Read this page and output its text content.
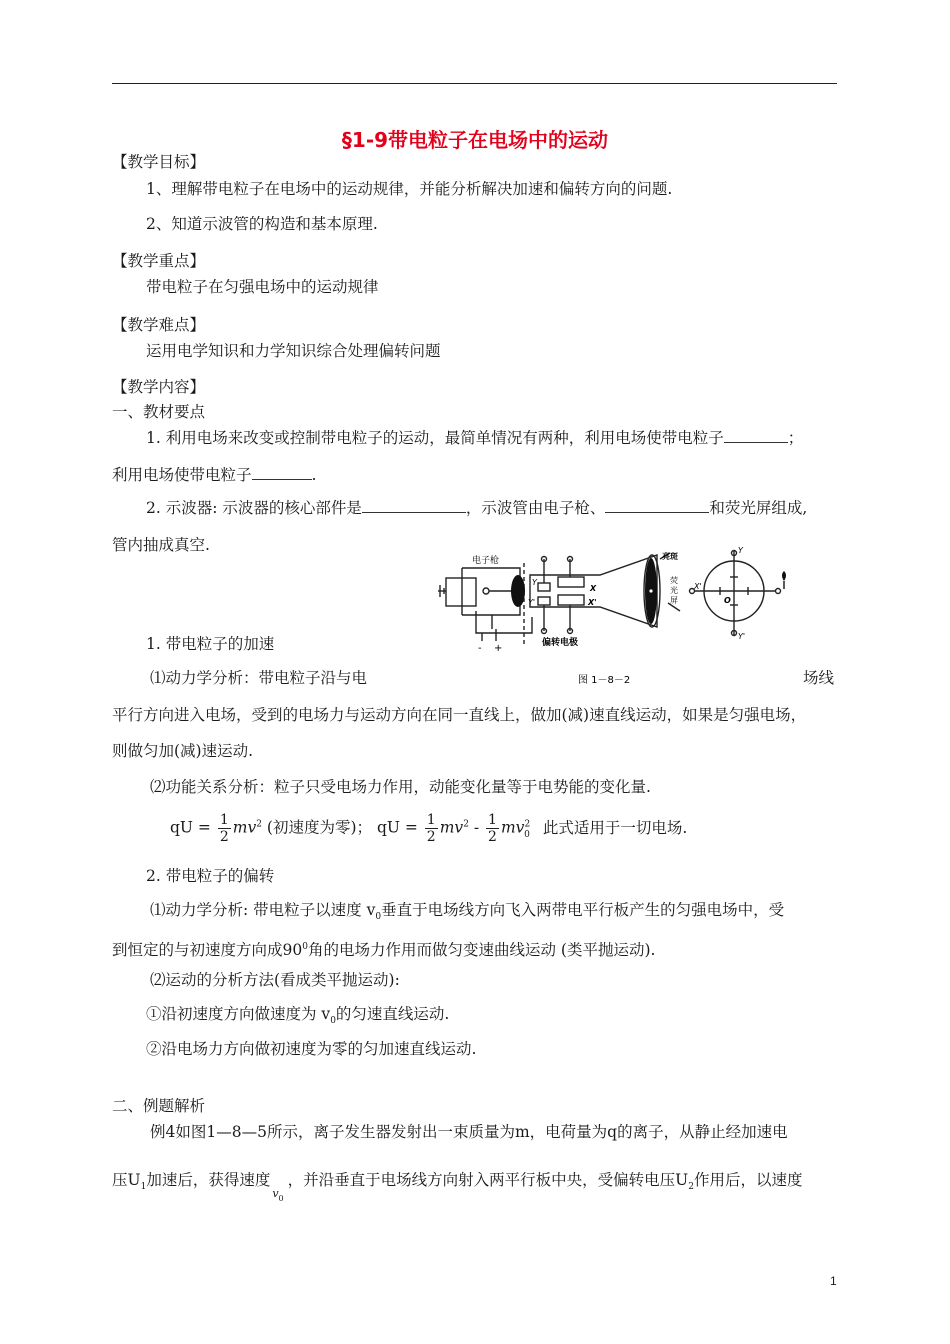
§1-9带电粒子在电场中的运动
【教学目标】
1、理解带电粒子在电场中的运动规律，并能分析解决加速和偏转方向的问题.
2、知道示波管的构造和基本原理.
【教学重点】
带电粒子在匀强电场中的运动规律
【教学难点】
运用电学知识和力学知识综合处理偏转问题
【教学内容】
一、教材要点
1. 利用电场来改变或控制带电粒子的运动，最简单情况有两种，利用电场使带电粒子	；
利用电场使带电粒子	.
2. 示波器: 示波器的核心部件是	，示波管由电子枪、	和荧光屏组成,
管内抽成真空.
电子枪	亮斑
荧
光
屏
偏转电极
Y
Y'
X
X'
X'
Y
Y'
O
- +
图 1－8－2
1. 带电粒子的加速
⑴动力学分析：带电粒子沿与电	场线
平行方向进入电场，受到的电场力与运动方向在同一直线上，做加(减)速直线运动，如果是匀强电场，
则做匀加(减)速运动.
⑵功能关系分析：粒子只受电场力作用，动能变化量等于电势能的变化量.
qU = $\frac{1}{2} mv^2$ (初速度为零)； qU = $\frac{1}{2} mv^2 - \frac{1}{2} mv^2_0$ 此式适用于一切电场.
2. 带电粒子的偏转
⑴动力学分析: 带电粒子以速度 $v_0$垂直于电场线方向飞入两带电平行板产生的匀强电场中，受
到恒定的与初速度方向成$90^0$角的电场力作用而做匀变速曲线运动 (类平抛运动).
⑵运动的分析方法(看成类平抛运动):
①沿初速度方向做速度为 $v_0$的匀速直线运动.
②沿电场力方向做初速度为零的匀加速直线运动.
二、例题解析
例4如图1—8—5所示，离子发生器发射出一束质量为m，电荷量为q的离子，从静止经加速电
压$U_1$加速后，获得速度$_{v0}$，并沿垂直于电场线方向射入两平行板中央，受偏转电压$U_2$作用后，以速度
1
